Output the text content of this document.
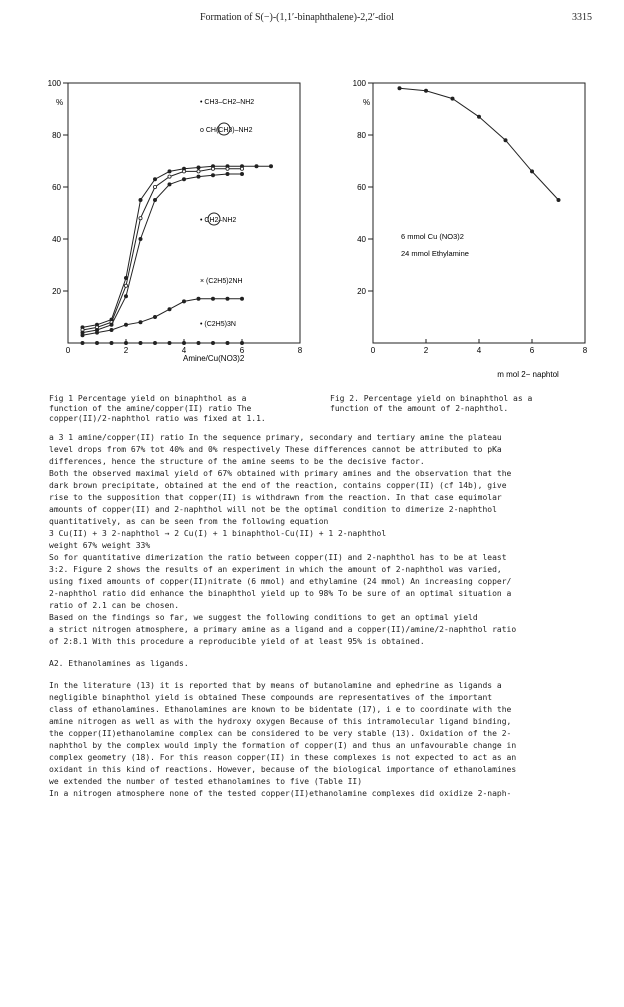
Formation of S(−)-(1,1′-binaphthalene)-2,2′-diol	3315
100
80
60
40
20
0	2	4	6	8
100
80
60
40
20
0	2	4	6	8
%
Amine/Cu(NO3)2
%
m mol 2− naphtol
6 mmol Cu (NO3)2
24 mmol Ethylamine
• CH3–CH2–NH2
o CH(CH3)–NH2
• CH2–NH2
× (C2H5)2NH
• (C2H5)3N

Fig 1 Percentage yield on binaphthol as a

function of the amine/copper(II) ratio The

copper(II)/2-naphthol ratio was fixed at 1.1.

Fig 2. Percentage yield on binaphthol as a

function of the amount of 2-naphthol.

a 3 1 amine/copper(II) ratio In the sequence primary, secondary and tertiary amine the plateau

level drops from 67% tot 40% and 0% respectively These differences cannot be attributed to pKa

differences, hence the structure of the amine seems to be the decisive factor.

Both the observed maximal yield of 67% obtained with primary amines and the observation that the

dark brown precipitate, obtained at the end of the reaction, contains copper(II) (cf 14b), give

rise to the supposition that copper(II) is withdrawn from the reaction. In that case equimolar

amounts of copper(II) and 2-naphthol will not be the optimal condition to dimerize 2-naphthol

quantitatively, as can be seen from the following equation

3 Cu(II) + 3 2-naphthol → 2 Cu(I) + 1 binaphthol-Cu(II) + 1 2-naphthol

weight 67% weight 33%

So for quantitative dimerization the ratio between copper(II) and 2-naphthol has to be at least

3:2. Figure 2 shows the results of an experiment in which the amount of 2-naphthol was varied,

using fixed amounts of copper(II)nitrate (6 mmol) and ethylamine (24 mmol) An increasing copper/

2-naphthol ratio did enhance the binaphthol yield up to 98% To be sure of an optimal situation a

ratio of 2.1 can be chosen.

Based on the findings so far, we suggest the following conditions to get an optimal yield

a strict nitrogen atmosphere, a primary amine as a ligand and a copper(II)/amine/2-naphthol ratio

of 2:8.1 With this procedure a reproducible yield of at least 95% is obtained.

A2. Ethanolamines as ligands.

In the literature (13) it is reported that by means of butanolamine and ephedrine as ligands a

negligible binaphthol yield is obtained These compounds are representatives of the important

class of ethanolamines. Ethanolamines are known to be bidentate (17), i e to coordinate with the

amine nitrogen as well as with the hydroxy oxygen Because of this intramolecular ligand binding,

the copper(II)ethanolamine complex can be considered to be very stable (13). Oxidation of the 2-

naphthol by the complex would imply the formation of copper(I) and thus an unfavourable change in

complex geometry (18). For this reason copper(II) in these complexes is not expected to act as an

oxidant in this kind of reactions. However, because of the biological importance of ethanolamines

we extended the number of tested ethanolamines to five (Table II)

In a nitrogen atmosphere none of the tested copper(II)ethanolamine complexes did oxidize 2-naph-
